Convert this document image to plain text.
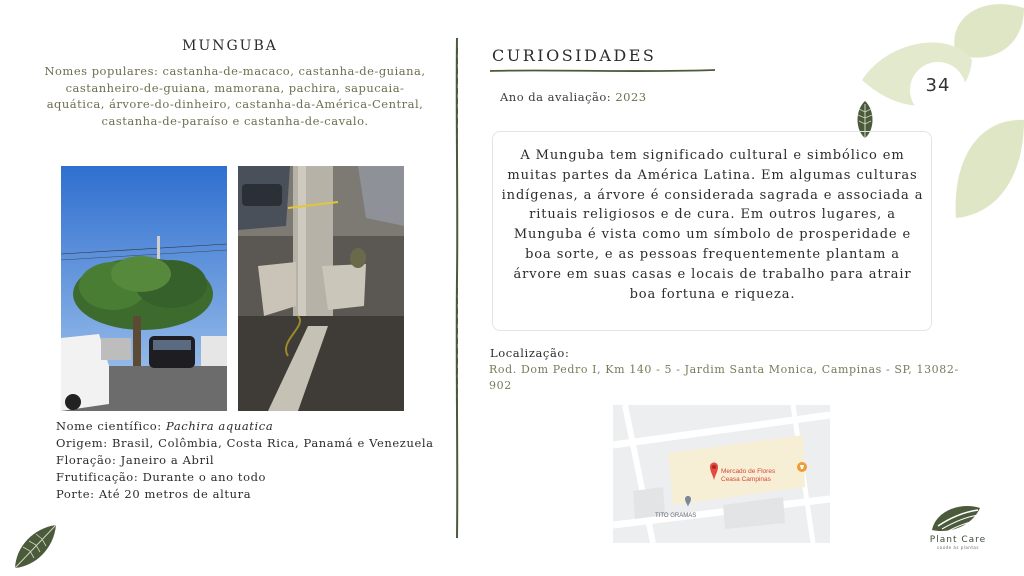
34
MUNGUBA
Nomes populares: castanha-de-macaco, castanha-de-guiana, castanheiro-de-guiana, mamorana, pachira, sapucaia-aquática, árvore-do-dinheiro, castanha-da-América-Central, castanha-de-paraíso e castanha-de-cavalo.
Nome científico: Pachira aquatica
Origem: Brasil, Colômbia, Costa Rica, Panamá e Venezuela
Floração: Janeiro a Abril
Frutificação: Durante o ano todo
Porte: Até 20 metros de altura
CURIOSIDADES
Ano da avaliação: 2023
A Munguba tem significado cultural e simbólico em muitas partes da América Latina. Em algumas culturas indígenas, a árvore é considerada sagrada e associada a rituais religiosos e de cura. Em outros lugares, a Munguba é vista como um símbolo de prosperidade e boa sorte, e as pessoas frequentemente plantam a árvore em suas casas e locais de trabalho para atrair boa fortuna e riqueza.
Localização:
Rod. Dom Pedro I, Km 140 - 5 - Jardim Santa Monica, Campinas - SP, 13082-902
Mercado de Flores
Ceasa Campinas
TITO GRAMAS
Plant Care
saúde às plantas
